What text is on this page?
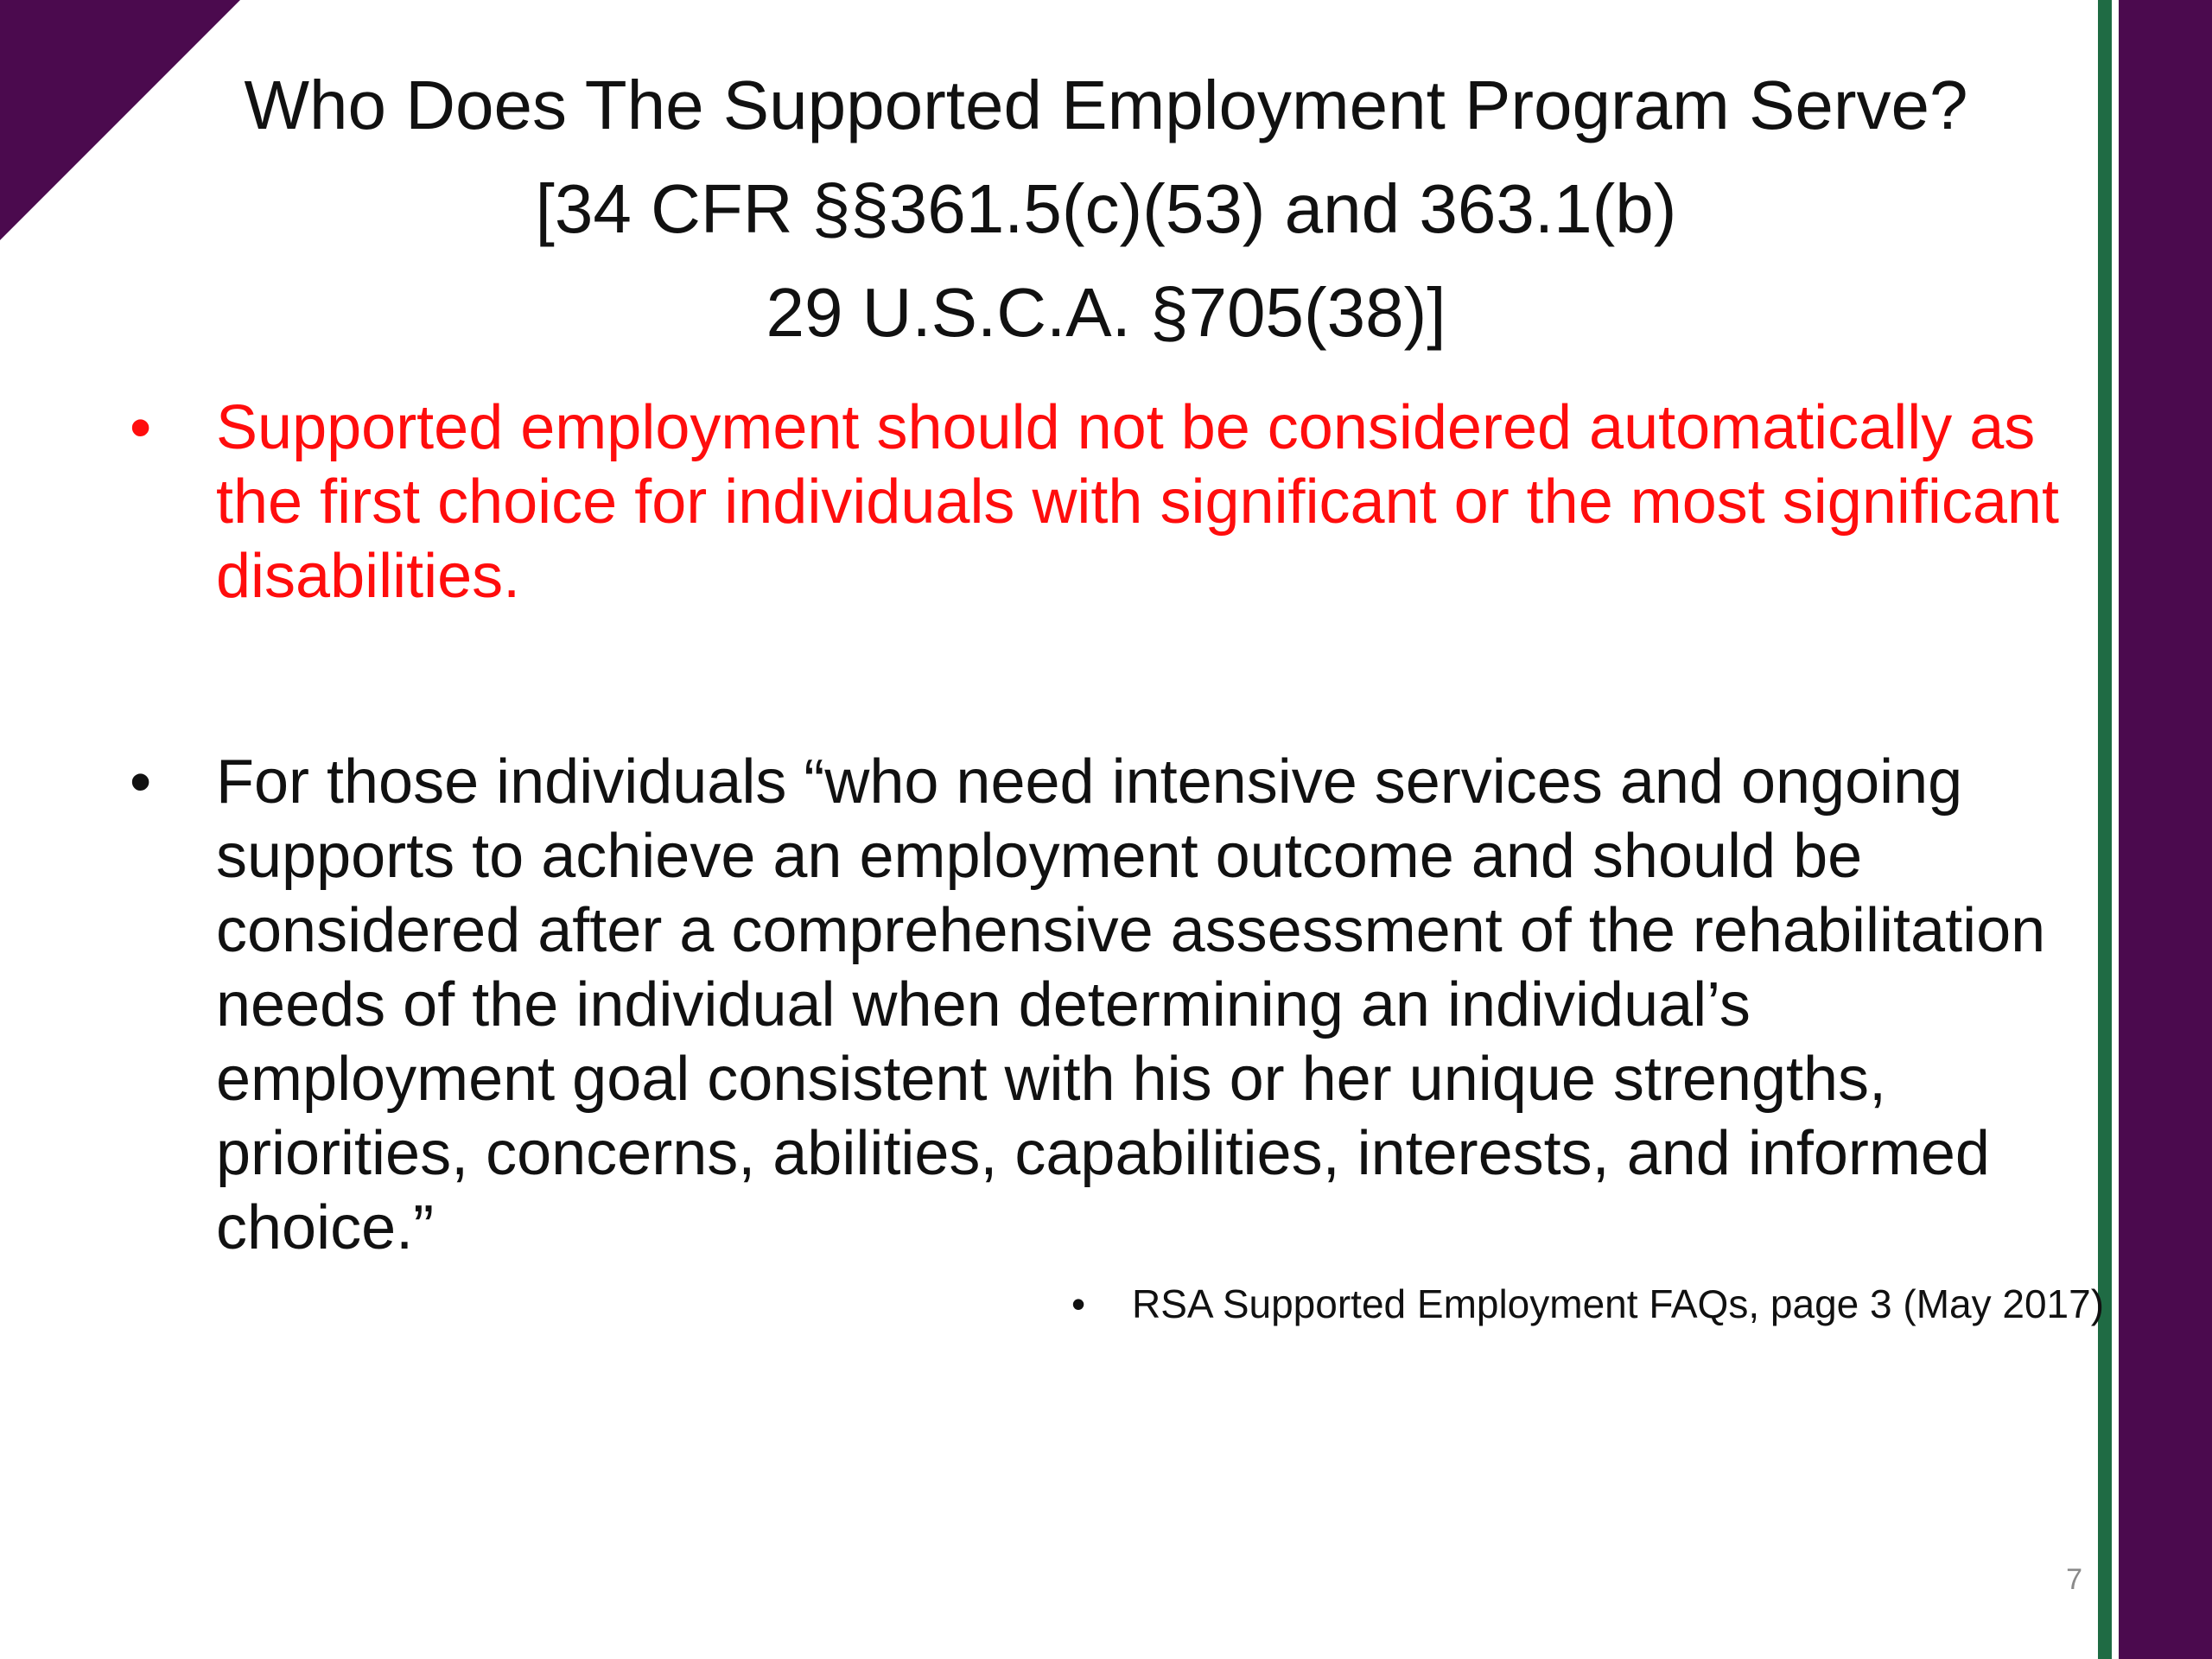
Who Does The Supported Employment Program Serve?
[34 CFR §§361.5(c)(53) and 363.1(b)
29 U.S.C.A. §705(38)]
•	Supported employment should not be considered automatically as the first choice for individuals with significant or the most significant disabilities.
•	For those individuals “who need intensive services and ongoing supports to achieve an employment outcome and should be considered after a comprehensive assessment of the rehabilitation needs of the individual when determining an individual’s employment goal consistent with his or her unique strengths, priorities, concerns, abilities, capabilities, interests, and informed choice.”
• RSA Supported Employment FAQs, page 3 (May 2017)
7
